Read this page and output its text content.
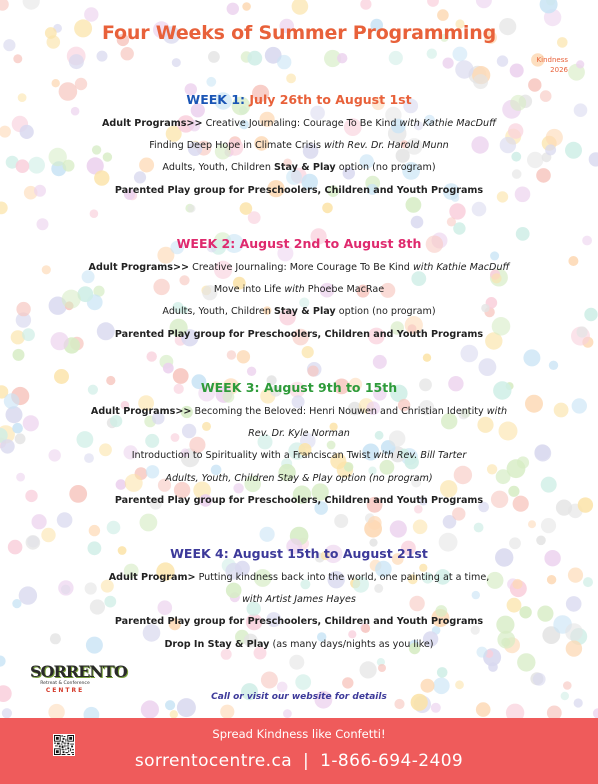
Four Weeks of Summer Programming
Kindness
2026
WEEK 1: July 26th to August 1st
Adult Programs>> Creative Journaling: Courage To Be Kind with Kathie MacDuff
Finding Deep Hope in Climate Crisis with Rev. Dr. Harold Munn
Adults, Youth, Children Stay & Play option (no program)
Parented Play group for Preschoolers, Children and Youth Programs
WEEK 2: August 2nd to August 8th
Adult Programs>> Creative Journaling: More Courage To Be Kind with Kathie MacDuff
Move into Life with Phoebe MacRae
Adults, Youth, Children Stay & Play option (no program)
Parented Play group for Preschoolers, Children and Youth Programs
WEEK 3: August 9th to 15th
Adult Programs>> Becoming the Beloved: Henri Nouwen and Christian Identity with
Rev. Dr. Kyle Norman
Introduction to Spirituality with a Franciscan Twist with Rev. Bill Tarter
Adults, Youth, Children Stay & Play option (no program)
Parented Play group for Preschoolers, Children and Youth Programs
WEEK 4: August 15th to August 21st
Adult Program> Putting kindness back into the world, one painting at a time,
with Artist James Hayes
Parented Play group for Preschoolers, Children and Youth Programs
Drop In Stay & Play (as many days/nights as you like)
SORRENTO
Retreat & Conference
CENTRE
Call or visit our website for details
Spread Kindness like Confetti!
sorrentocentre.ca | 1-866-694-2409
